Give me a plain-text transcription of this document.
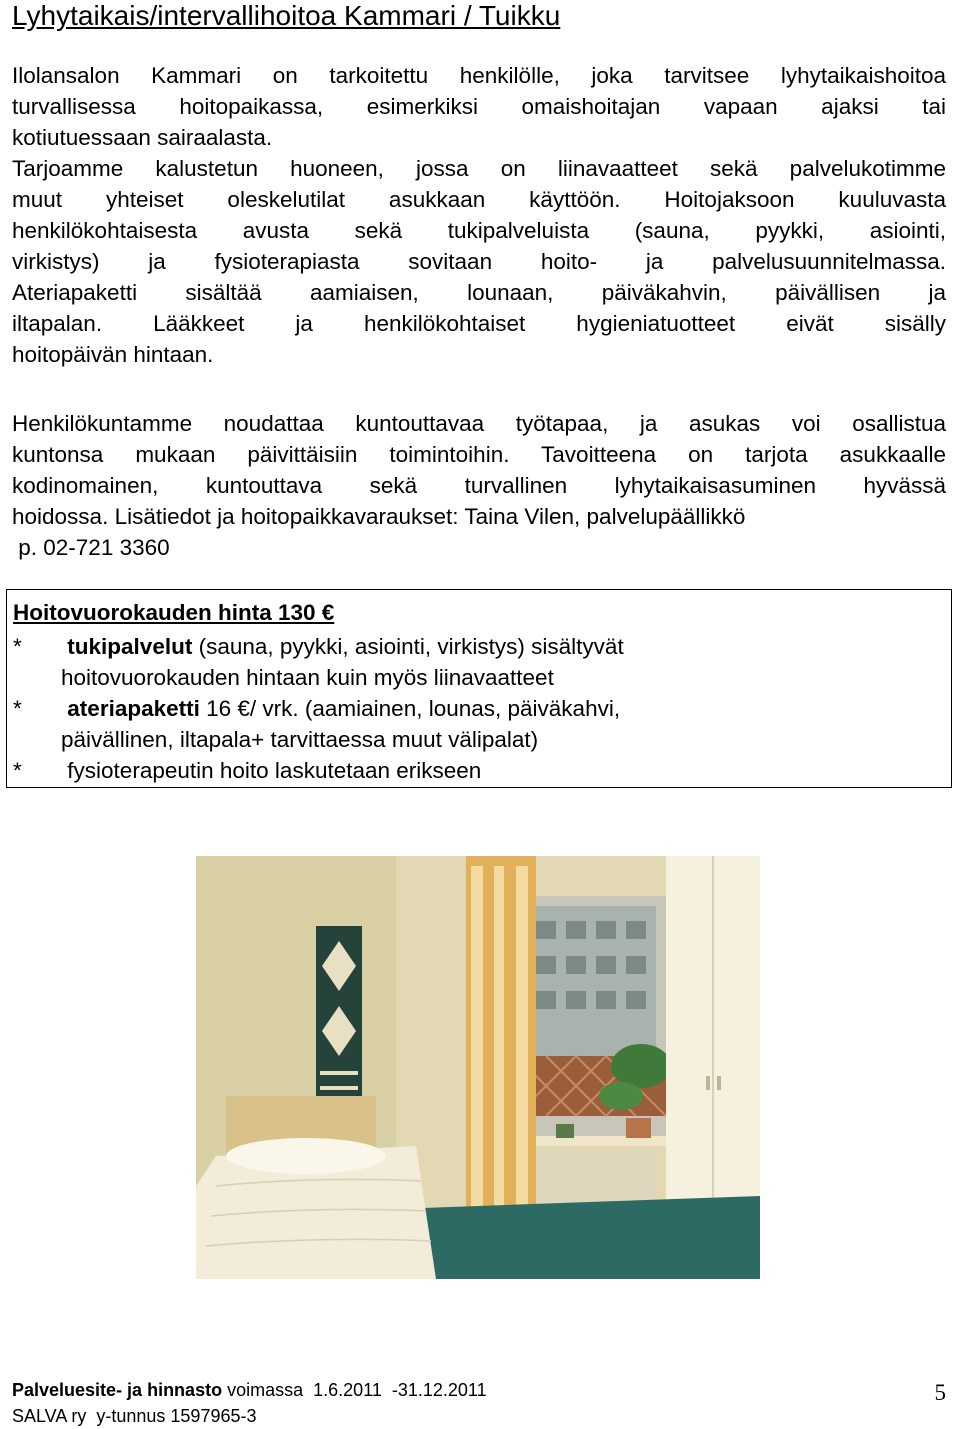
Lyhytaikais/intervallihoitoa Kammari / Tuikku
Ilolansalon Kammari on tarkoitettu henkilölle, joka tarvitsee lyhytaikaishoitoa
turvallisessa hoitopaikassa, esimerkiksi omaishoitajan vapaan ajaksi tai
kotiutuessaan sairaalasta.
Tarjoamme kalustetun huoneen, jossa on liinavaatteet sekä palvelukotimme
muut yhteiset oleskelutilat asukkaan käyttöön. Hoitojaksoon kuuluvasta
henkilökohtaisesta avusta sekä tukipalveluista (sauna, pyykki, asiointi,
virkistys) ja fysioterapiasta sovitaan hoito- ja palvelusuunnitelmassa.
Ateriapaketti sisältää aamiaisen, lounaan, päiväkahvin, päivällisen ja
iltapalan. Lääkkeet ja henkilökohtaiset hygieniatuotteet eivät sisälly
hoitopäivän hintaan.
Henkilökuntamme noudattaa kuntouttavaa työtapaa, ja asukas voi osallistua
kuntonsa mukaan päivittäisiin toimintoihin. Tavoitteena on tarjota asukkaalle
kodinomainen, kuntouttava sekä turvallinen lyhytaikaisasuminen hyvässä
hoidossa. Lisätiedot ja hoitopaikkavaraukset: Taina Vilen, palvelupäällikkö
p. 02-721 3360
Hoitovuorokauden hinta 130 €
* tukipalvelut (sauna, pyykki, asiointi, virkistys) sisältyvät
hoitovuorokauden hintaan kuin myös liinavaatteet
* ateriapaketti 16 €/ vrk. (aamiainen, lounas, päiväkahvi,
päivällinen, iltapala+ tarvittaessa muut välipalat)
* fysioterapeutin hoito laskutetaan erikseen
Palveluesite- ja hinnasto voimassa  1.6.2011  -31.12.2011
SALVA ry  y-tunnus 1597965-3
5
